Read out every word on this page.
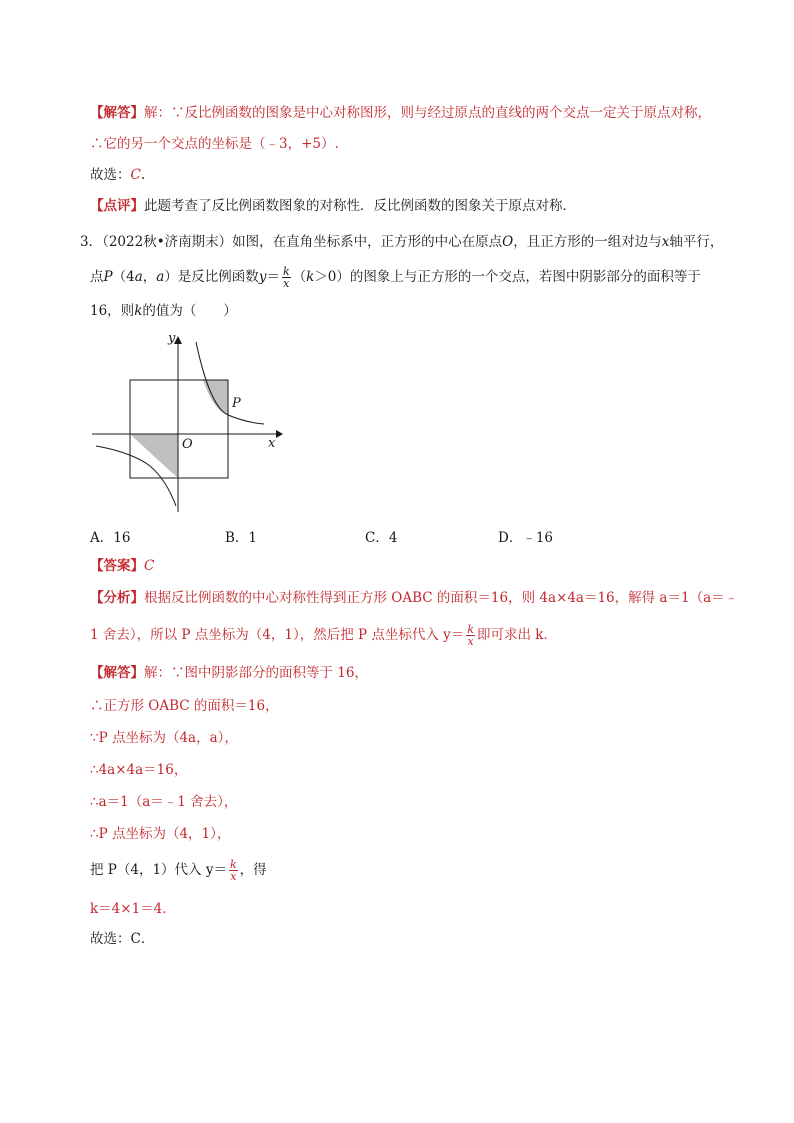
【解答】解：∵反比例函数的图象是中心对称图形，则与经过原点的直线的两个交点一定关于原点对称，
∴它的另一个交点的坐标是（﹣3，+5）.
故选：C.
【点评】此题考查了反比例函数图象的对称性．反比例函数的图象关于原点对称．
3．（2022秋•济南期末）如图，在直角坐标系中，正方形的中心在原点O，且正方形的一组对边与x轴平行，
点P（4a，a）是反比例函数$y= \frac{k}{x} (k>0)$的图象上与正方形的一个交点，若图中阴影部分的面积等于
16，则k的值为（　　）
y
x
O
P
A．16	B．1	C．4	D．﹣16
【答案】C
【分析】根据反比例函数的中心对称性得到正方形 OABC 的面积＝16，则 4a×4a＝16，解得 a＝1（a＝﹣
1 舍去），所以 P 点坐标为（4，1），然后把 P 点坐标代入 $y= \frac{k}{x}$ 即可求出 k．
【解答】解：∵图中阴影部分的面积等于 16，
∴正方形 OABC 的面积＝16，
∵P 点坐标为（4a，a），
∴4a×4a＝16，
∴a＝1（a＝﹣1 舍去），
∴P 点坐标为（4，1），
把 P（4，1）代入 $y= \frac{k}{x}$ ，得
k＝4×1＝4．
故选：C．
